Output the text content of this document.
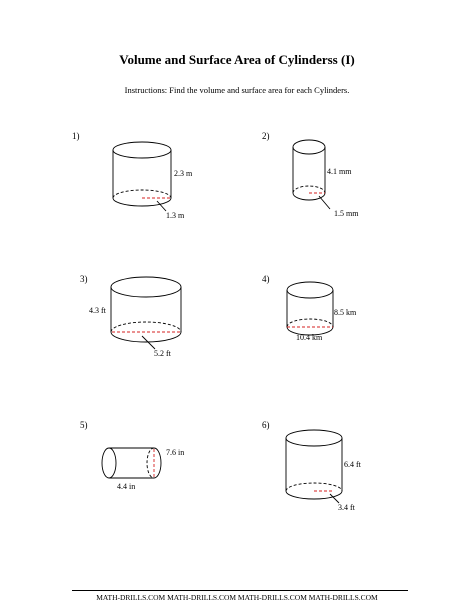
Volume and Surface Area of Cylinderss (I)
Instructions: Find the volume and surface area for each Cylinders.
1)
2.3 m
1.3 m
2)
4.1 mm
1.5 mm
3)
4.3 ft
5.2 ft
4)
8.5 km
10.4 km
5)
7.6 in
4.4 in
6)
6.4 ft
3.4 ft
MATH-DRILLS.COM MATH-DRILLS.COM MATH-DRILLS.COM MATH-DRILLS.COM
